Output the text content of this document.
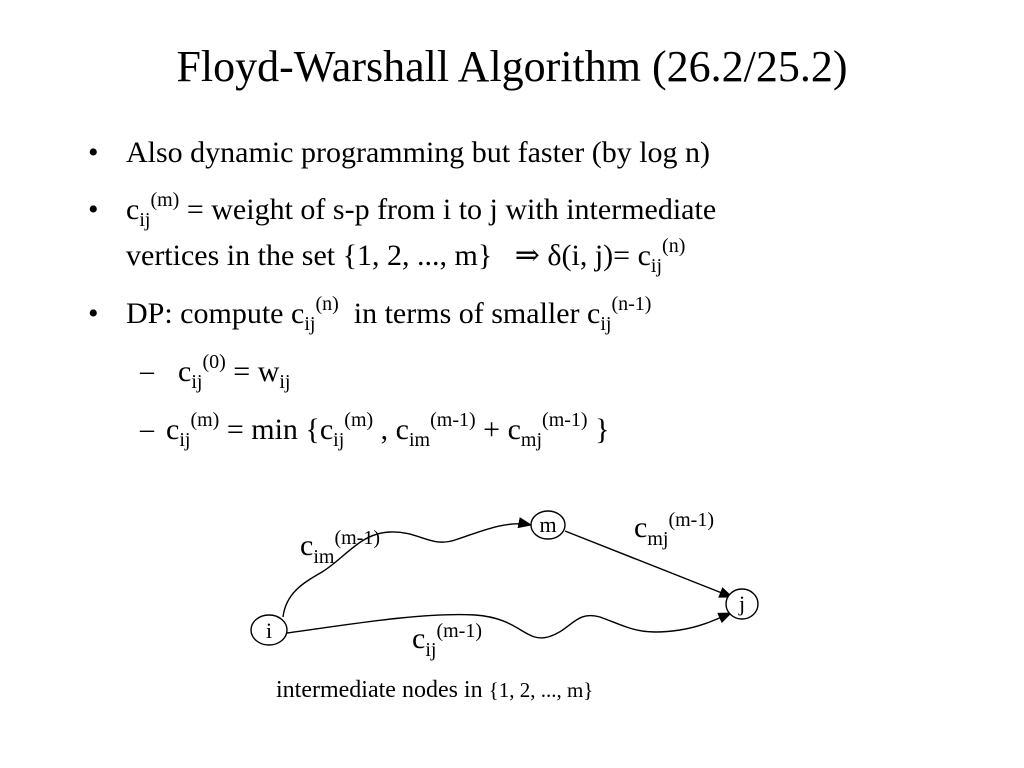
Floyd-Warshall Algorithm (26.2/25.2)
• Also dynamic programming but faster (by log n)
• $c_{ij}^{(m)}$ = weight of s-p from i to j with intermediate
vertices in the set {1, 2, ..., m} ⇒ δ(i, $j)= c_{ij}^{(n)}$
• DP: compute $c_{ij}^{(n)}$ in terms of smaller $c_{ij}^{(n-1)}$
– $c_{ij}^{(0)} = w_{ij}$
– $c_{ij}^{(m)} = \min \{c_{ij}^{(m)}$ , $c_{im}^{(m-1)} + c_{mj}^{(m-1)}$ }
i
m
j
$c_{im}^{(m-1)}$	$c_{mj}^{(m-1)}$
$c_{ij}^{(m-1)}$
intermediate nodes in {1, 2, ..., m}
